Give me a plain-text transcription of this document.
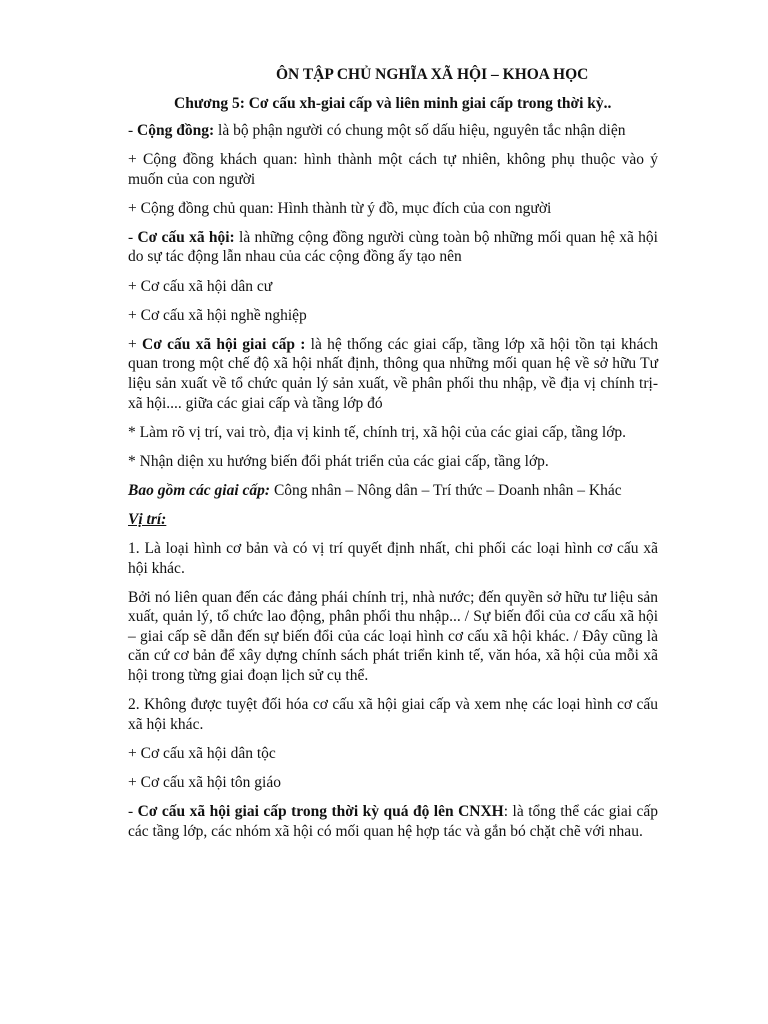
ÔN TẬP CHỦ NGHĨA XÃ HỘI – KHOA HỌC
Chương 5: Cơ cấu xh-giai cấp và liên minh giai cấp trong thời kỳ..

- Cộng đồng: là bộ phận người có chung một số dấu hiệu, nguyên tắc nhận diện

+ Cộng đồng khách quan: hình thành một cách tự nhiên, không phụ thuộc vào ý muốn của con người

+ Cộng đồng chủ quan: Hình thành từ ý đồ, mục đích của con người

- Cơ cấu xã hội: là những cộng đồng người cùng toàn bộ những mối quan hệ xã hội do sự tác động lẫn nhau của các cộng đồng ấy tạo nên

+ Cơ cấu xã hội dân cư

+ Cơ cấu xã hội nghề nghiệp

+ Cơ cấu xã hội giai cấp : là hệ thống các giai cấp, tầng lớp xã hội tồn tại khách quan trong một chế độ xã hội nhất định, thông qua những mối quan hệ về sở hữu Tư liệu sản xuất về tổ chức quản lý sản xuất, về phân phối thu nhập, về địa vị chính trị-xã hội.... giữa các giai cấp và tầng lớp đó

* Làm rõ vị trí, vai trò, địa vị kinh tế, chính trị, xã hội của các giai cấp, tầng lớp.

* Nhận diện xu hướng biến đổi phát triển của các giai cấp, tầng lớp.

Bao gồm các giai cấp: Công nhân – Nông dân – Trí thức – Doanh nhân – Khác

Vị trí:

1. Là loại hình cơ bản và có vị trí quyết định nhất, chi phối các loại hình cơ cấu xã hội khác.

Bởi nó liên quan đến các đảng phái chính trị, nhà nước; đến quyền sở hữu tư liệu sản xuất, quản lý, tổ chức lao động, phân phối thu nhập... / Sự biến đổi của cơ cấu xã hội – giai cấp sẽ dẫn đến sự biến đổi của các loại hình cơ cấu xã hội khác. / Đây cũng là căn cứ cơ bản để xây dựng chính sách phát triển kinh tế, văn hóa, xã hội của mỗi xã hội trong từng giai đoạn lịch sử cụ thể.

2. Không được tuyệt đối hóa cơ cấu xã hội giai cấp và xem nhẹ các loại hình cơ cấu xã hội khác.

+ Cơ cấu xã hội dân tộc

+ Cơ cấu xã hội tôn giáo

- Cơ cấu xã hội giai cấp trong thời kỳ quá độ lên CNXH: là tổng thể các giai cấp các tầng lớp, các nhóm xã hội có mối quan hệ hợp tác và gắn bó chặt chẽ với nhau.
